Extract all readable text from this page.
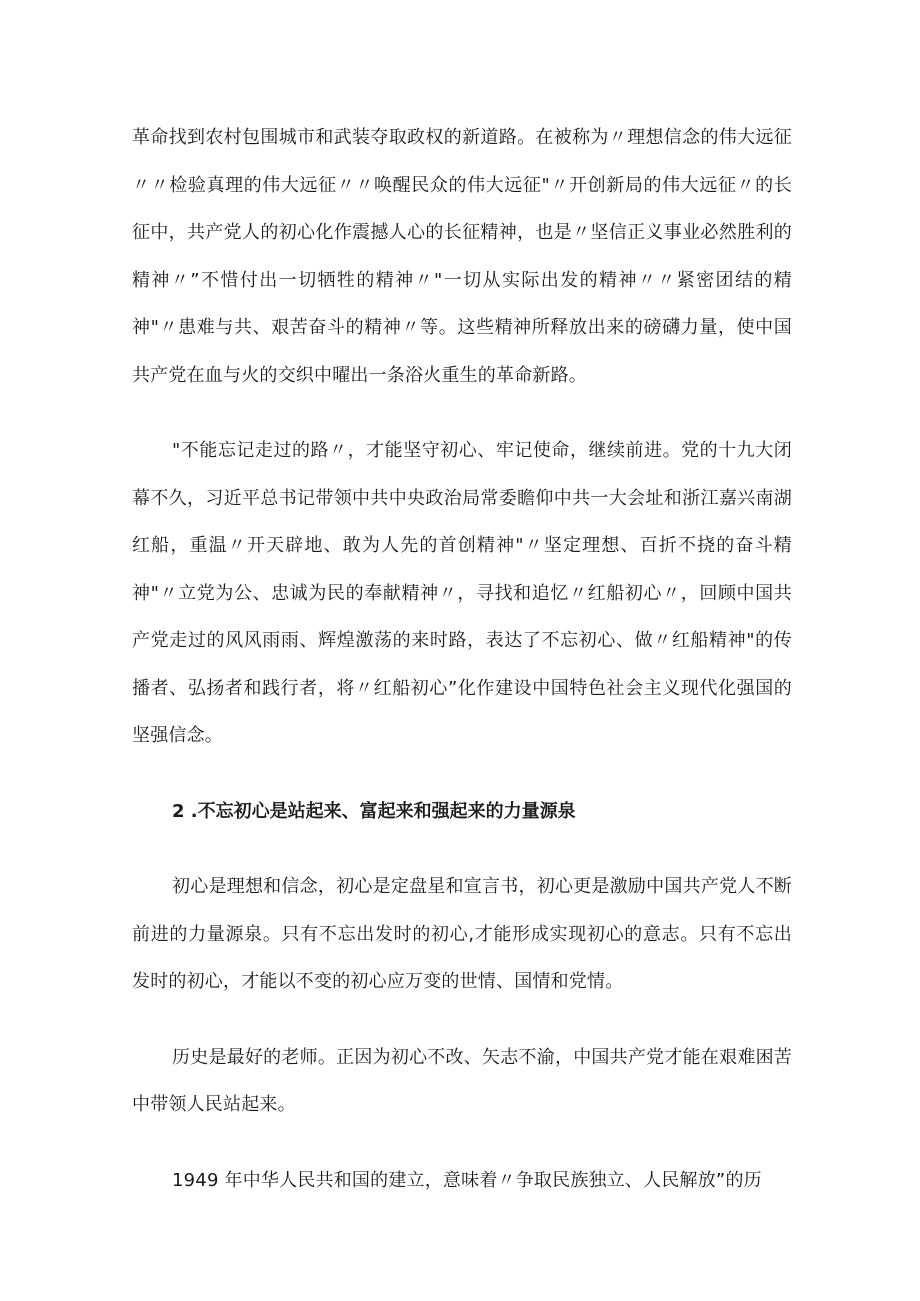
革命找到农村包围城市和武装夺取政权的新道路。在被称为〃理想信念的伟大远征〃〃检验真理的伟大远征〃〃唤醒民众的伟大远征"〃开创新局的伟大远征〃的长征中，共产党人的初心化作震撼人心的长征精神，也是〃坚信正义事业必然胜利的精神〃”不惜付出一切牺牲的精神〃"一切从实际出发的精神〃〃紧密团结的精神"〃患难与共、艰苦奋斗的精神〃等。这些精神所释放出来的磅礴力量，使中国共产党在血与火的交织中曜出一条浴火重生的革命新路。

"不能忘记走过的路〃，才能坚守初心、牢记使命，继续前进。党的十九大闭幕不久，习近平总书记带领中共中央政治局常委瞻仰中共一大会址和浙江嘉兴南湖红船，重温〃开天辟地、敢为人先的首创精神"〃坚定理想、百折不挠的奋斗精神"〃立党为公、忠诚为民的奉献精神〃，寻找和追忆〃红船初心〃，回顾中国共产党走过的风风雨雨、辉煌激荡的来时路，表达了不忘初心、做〃红船精神"的传播者、弘扬者和践行者，将〃红船初心”化作建设中国特色社会主义现代化强国的坚强信念。

2 .不忘初心是站起来、富起来和强起来的力量源泉

初心是理想和信念，初心是定盘星和宣言书，初心更是激励中国共产党人不断前进的力量源泉。只有不忘出发时的初心,才能形成实现初心的意志。只有不忘出发时的初心，才能以不变的初心应万变的世情、国情和党情。

历史是最好的老师。正因为初心不改、矢志不渝，中国共产党才能在艰难困苦中带领人民站起来。

1949 年中华人民共和国的建立，意味着〃争取民族独立、人民解放”的历
